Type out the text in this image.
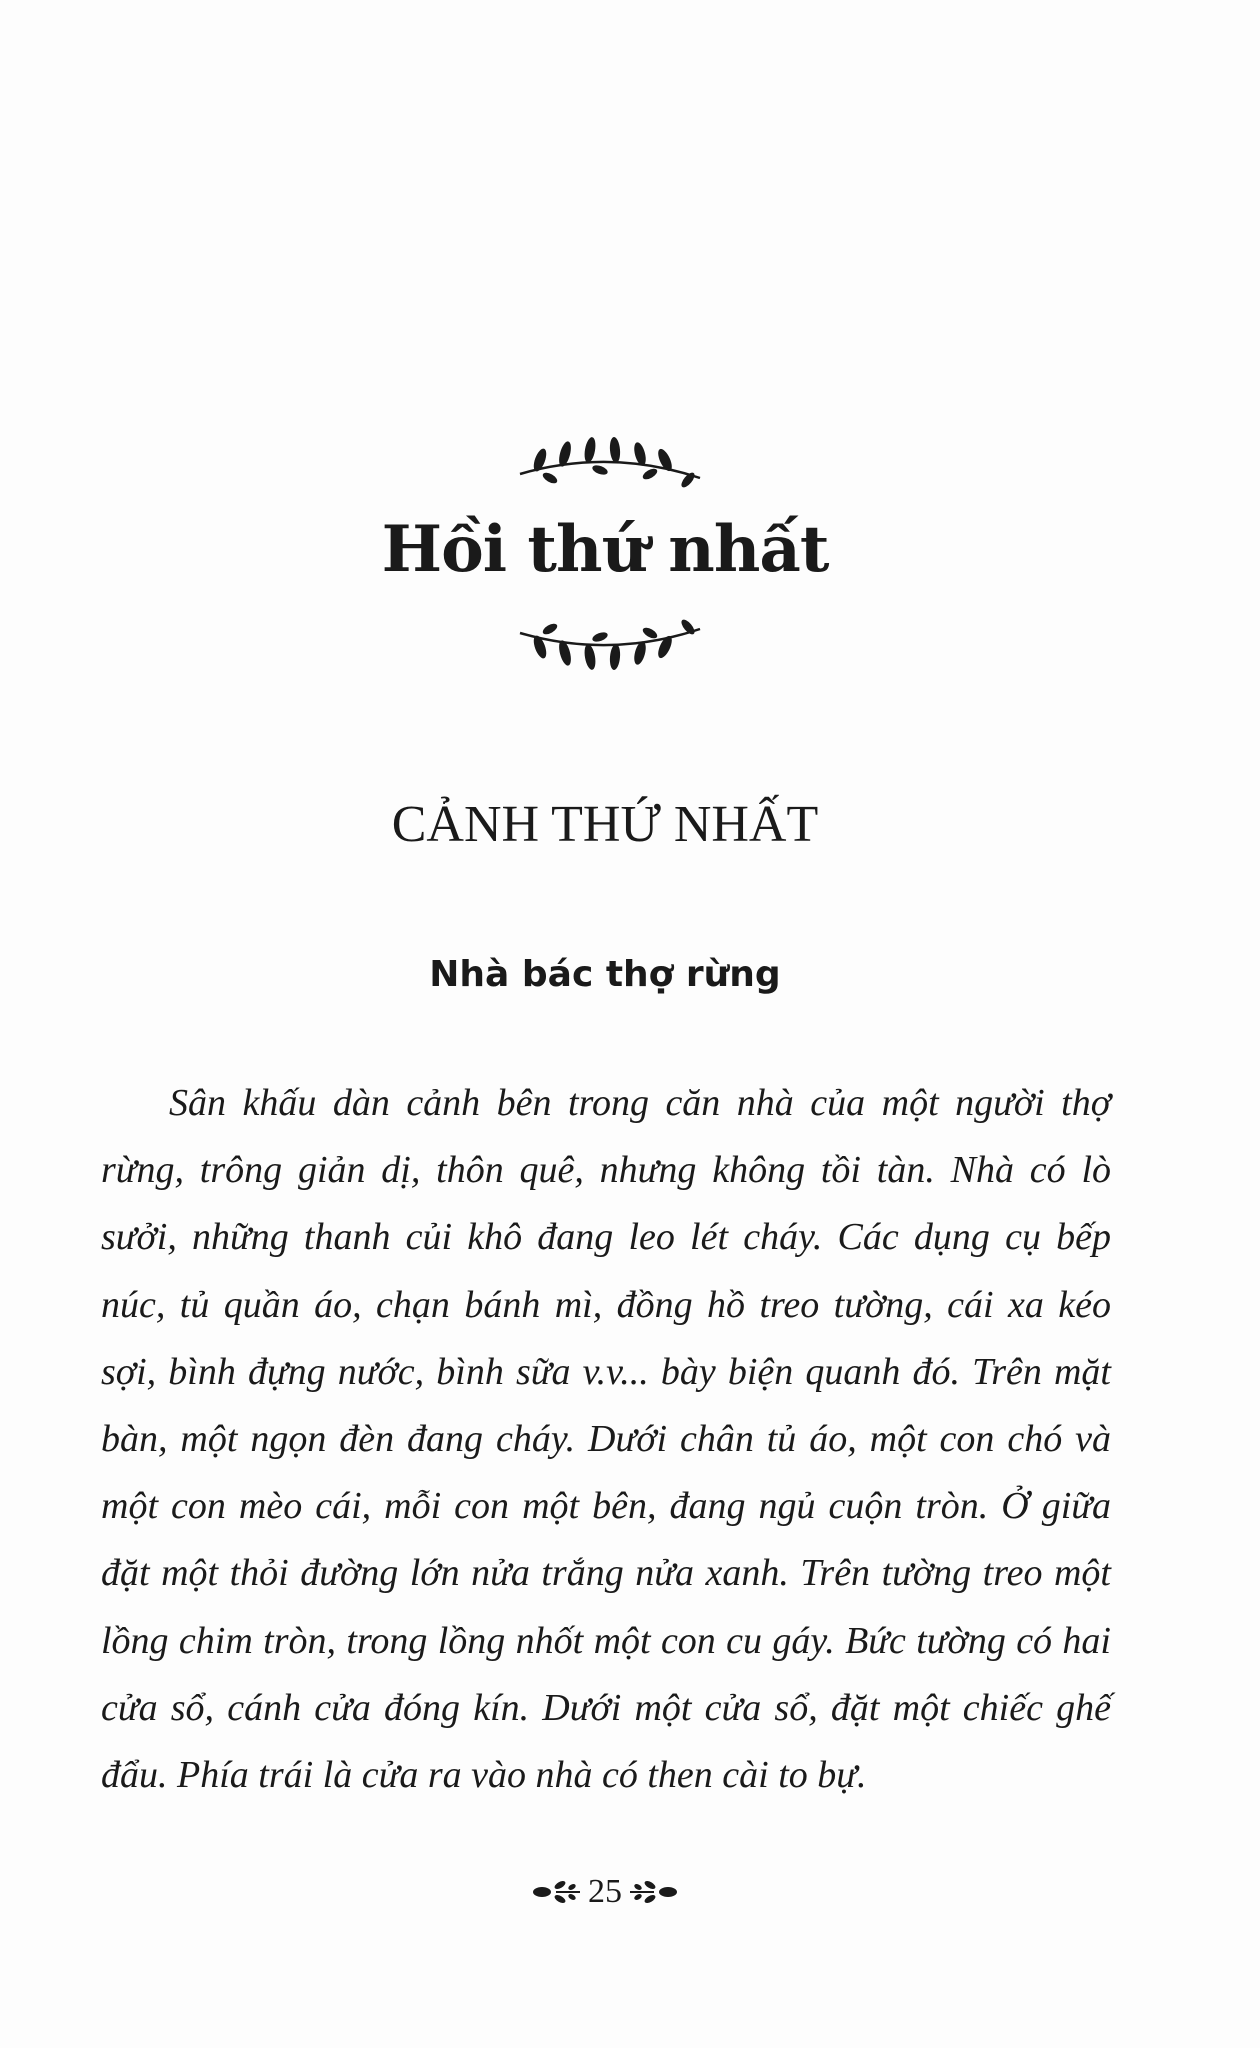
Hồi thứ nhất
CẢNH THỨ NHẤT
Nhà bác thợ rừng

Sân khấu dàn cảnh bên trong căn nhà của một người thợ rừng, trông giản dị, thôn quê, nhưng không tồi tàn. Nhà có lò sưởi, những thanh củi khô đang leo lét cháy. Các dụng cụ bếp núc, tủ quần áo, chạn bánh mì, đồng hồ treo tường, cái xa kéo sợi, bình đựng nước, bình sữa v.v... bày biện quanh đó. Trên mặt bàn, một ngọn đèn đang cháy. Dưới chân tủ áo, một con chó và một con mèo cái, mỗi con một bên, đang ngủ cuộn tròn. Ở giữa đặt một thỏi đường lớn nửa trắng nửa xanh. Trên tường treo một lồng chim tròn, trong lồng nhốt một con cu gáy. Bức tường có hai cửa sổ, cánh cửa đóng kín. Dưới một cửa sổ, đặt một chiếc ghế đẩu. Phía trái là cửa ra vào nhà có then cài to bự.

25
